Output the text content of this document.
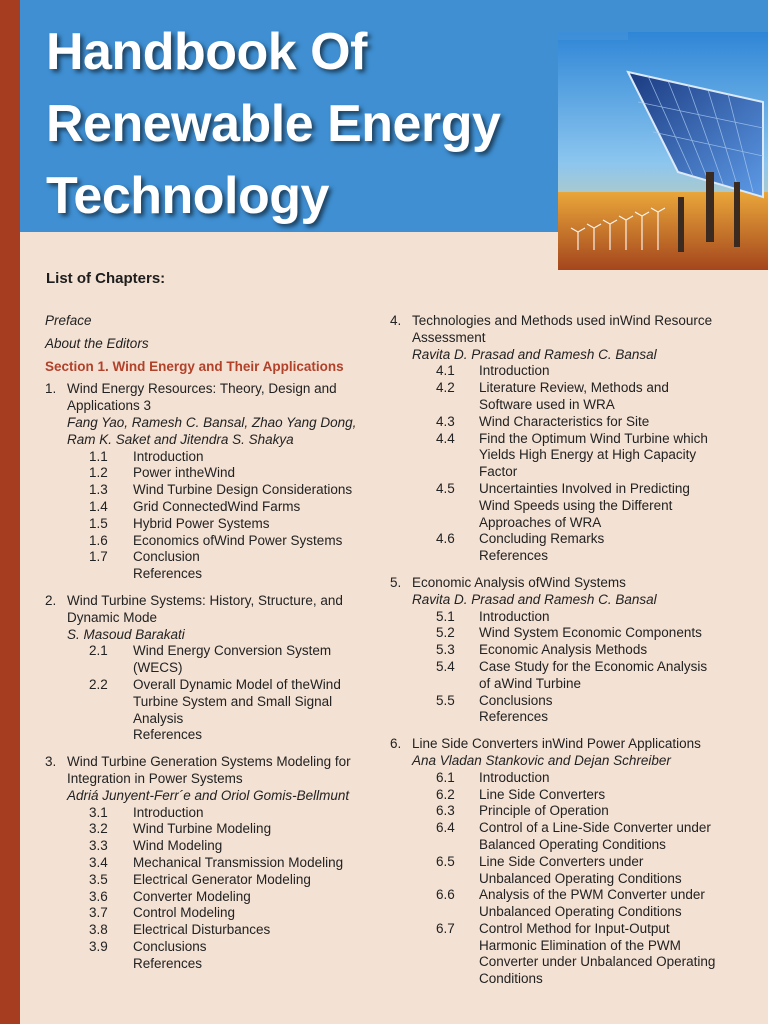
Handbook Of
Renewable Energy
Technology

List of Chapters:

Preface
About the Editors
Section 1. Wind Energy and Their Applications
1. Wind Energy Resources: Theory, Design and
Applications 3
Fang Yao, Ramesh C. Bansal, Zhao Yang Dong,
Ram K. Saket and Jitendra S. Shakya
1.1	Introduction
1.2	Power intheWind
1.3	Wind Turbine Design Considerations
1.4	Grid ConnectedWind Farms
1.5	Hybrid Power Systems
1.6	Economics ofWind Power Systems
1.7	Conclusion
References
2. Wind Turbine Systems: History, Structure, and
Dynamic Mode
S. Masoud Barakati
2.1	Wind Energy Conversion System (WECS)
2.2	Overall Dynamic Model of theWind
Turbine System and Small Signal
Analysis
References
3. Wind Turbine Generation Systems Modeling for
Integration in Power Systems
Adriá Junyent-Ferr´e and Oriol Gomis-Bellmunt
3.1	Introduction
3.2	Wind Turbine Modeling
3.3	Wind Modeling
3.4	Mechanical Transmission Modeling
3.5	Electrical Generator Modeling
3.6	Converter Modeling
3.7	Control Modeling
3.8	Electrical Disturbances
3.9	Conclusions
References
4. Technologies and Methods used inWind Resource
Assessment
Ravita D. Prasad and Ramesh C. Bansal
4.1	Introduction
4.2	Literature Review, Methods and
Software used in WRA
4.3	Wind Characteristics for Site
4.4	Find the Optimum Wind Turbine which
Yields High Energy at High Capacity
Factor
4.5	Uncertainties Involved in Predicting
Wind Speeds using the Different
Approaches of WRA
4.6	Concluding Remarks
References
5. Economic Analysis ofWind Systems
Ravita D. Prasad and Ramesh C. Bansal
5.1	Introduction
5.2	Wind System Economic Components
5.3	Economic Analysis Methods
5.4	Case Study for the Economic Analysis
of aWind Turbine
5.5	Conclusions
References
6. Line Side Converters inWind Power Applications
Ana Vladan Stankovic and Dejan Schreiber
6.1	Introduction
6.2	Line Side Converters
6.3	Principle of Operation
6.4	Control of a Line-Side Converter under
Balanced Operating Conditions
6.5	Line Side Converters under
Unbalanced Operating Conditions
6.6	Analysis of the PWM Converter under
Unbalanced Operating Conditions
6.7	Control Method for Input-Output
Harmonic Elimination of the PWM
Converter under Unbalanced Operating
Conditions
